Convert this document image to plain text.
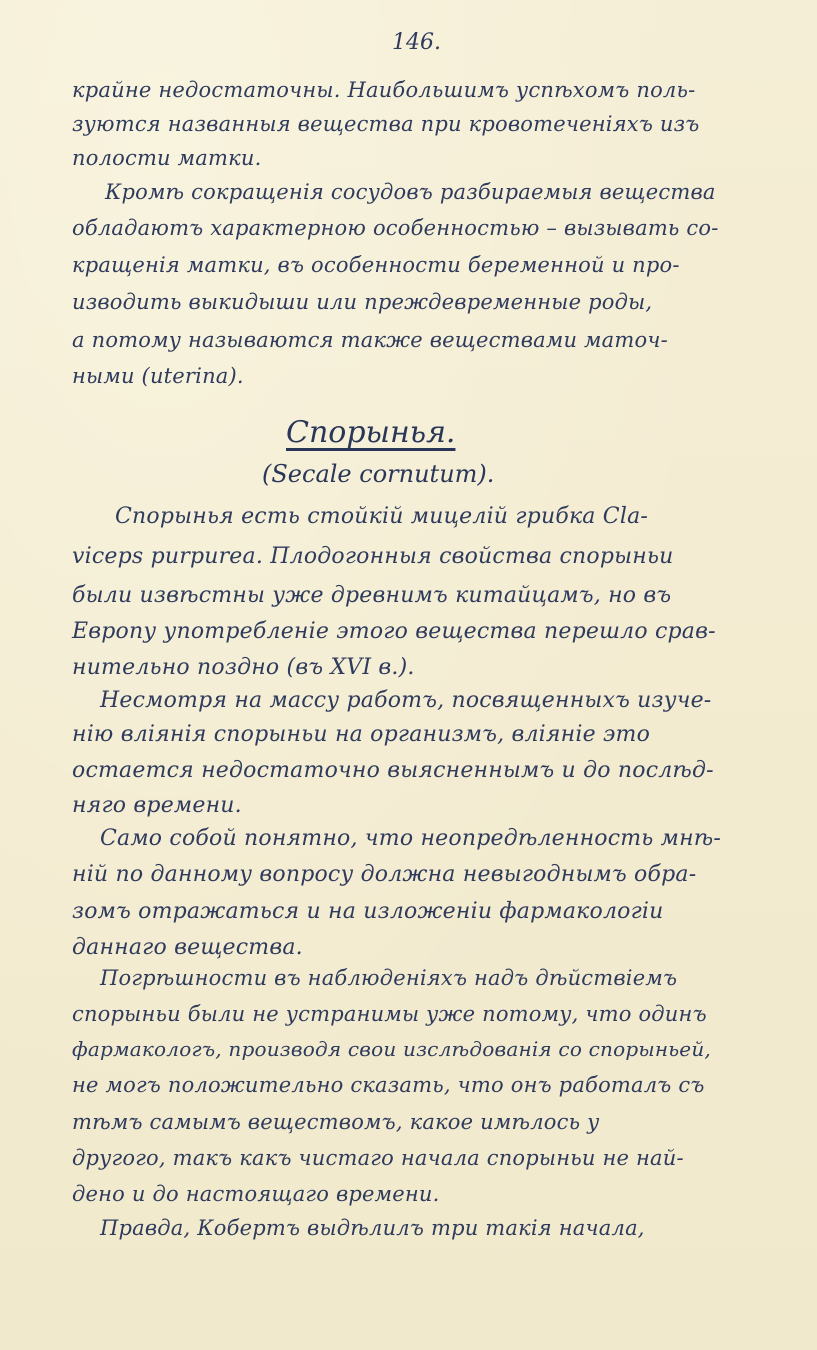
146.
крайне недостаточны. Наибольшимъ успѣхомъ поль-
зуются названныя вещества при кровотеченіяхъ изъ
полости матки.
Кромѣ сокращенія сосудовъ разбираемыя вещества
обладаютъ характерною особенностью – вызывать со-
кращенія матки, въ особенности беременной и про-
изводить выкидыши или преждевременные роды,
а потому называются также веществами маточ-
ными (uterina).
Спорынья.
(Secale cornutum).
Спорынья есть стойкій мицелій грибка Cla-
viceps purpurea. Плодогонныя свойства спорыньи
были извѣстны уже древнимъ китайцамъ, но въ
Европу употребленіе этого вещества перешло срав-
нительно поздно (въ XVI в.).
Несмотря на массу работъ, посвященныхъ изуче-
нію вліянія спорыньи на организмъ, вліяніе это
остается недостаточно выясненнымъ и до послѣд-
няго времени.
Само собой понятно, что неопредѣленность мнѣ-
ній по данному вопросу должна невыгоднымъ обра-
зомъ отражаться и на изложеніи фармакологіи
даннаго вещества.
Погрѣшности въ наблюденіяхъ надъ дѣйствіемъ
спорыньи были не устранимы уже потому, что одинъ
фармакологъ, производя свои изслѣдованія со спорыньей,
не могъ положительно сказать, что онъ работалъ съ
тѣмъ самымъ веществомъ, какое имѣлось у
другого, такъ какъ чистаго начала спорыньи не най-
дено и до настоящаго времени.
Правда, Кобертъ выдѣлилъ три такія начала,
